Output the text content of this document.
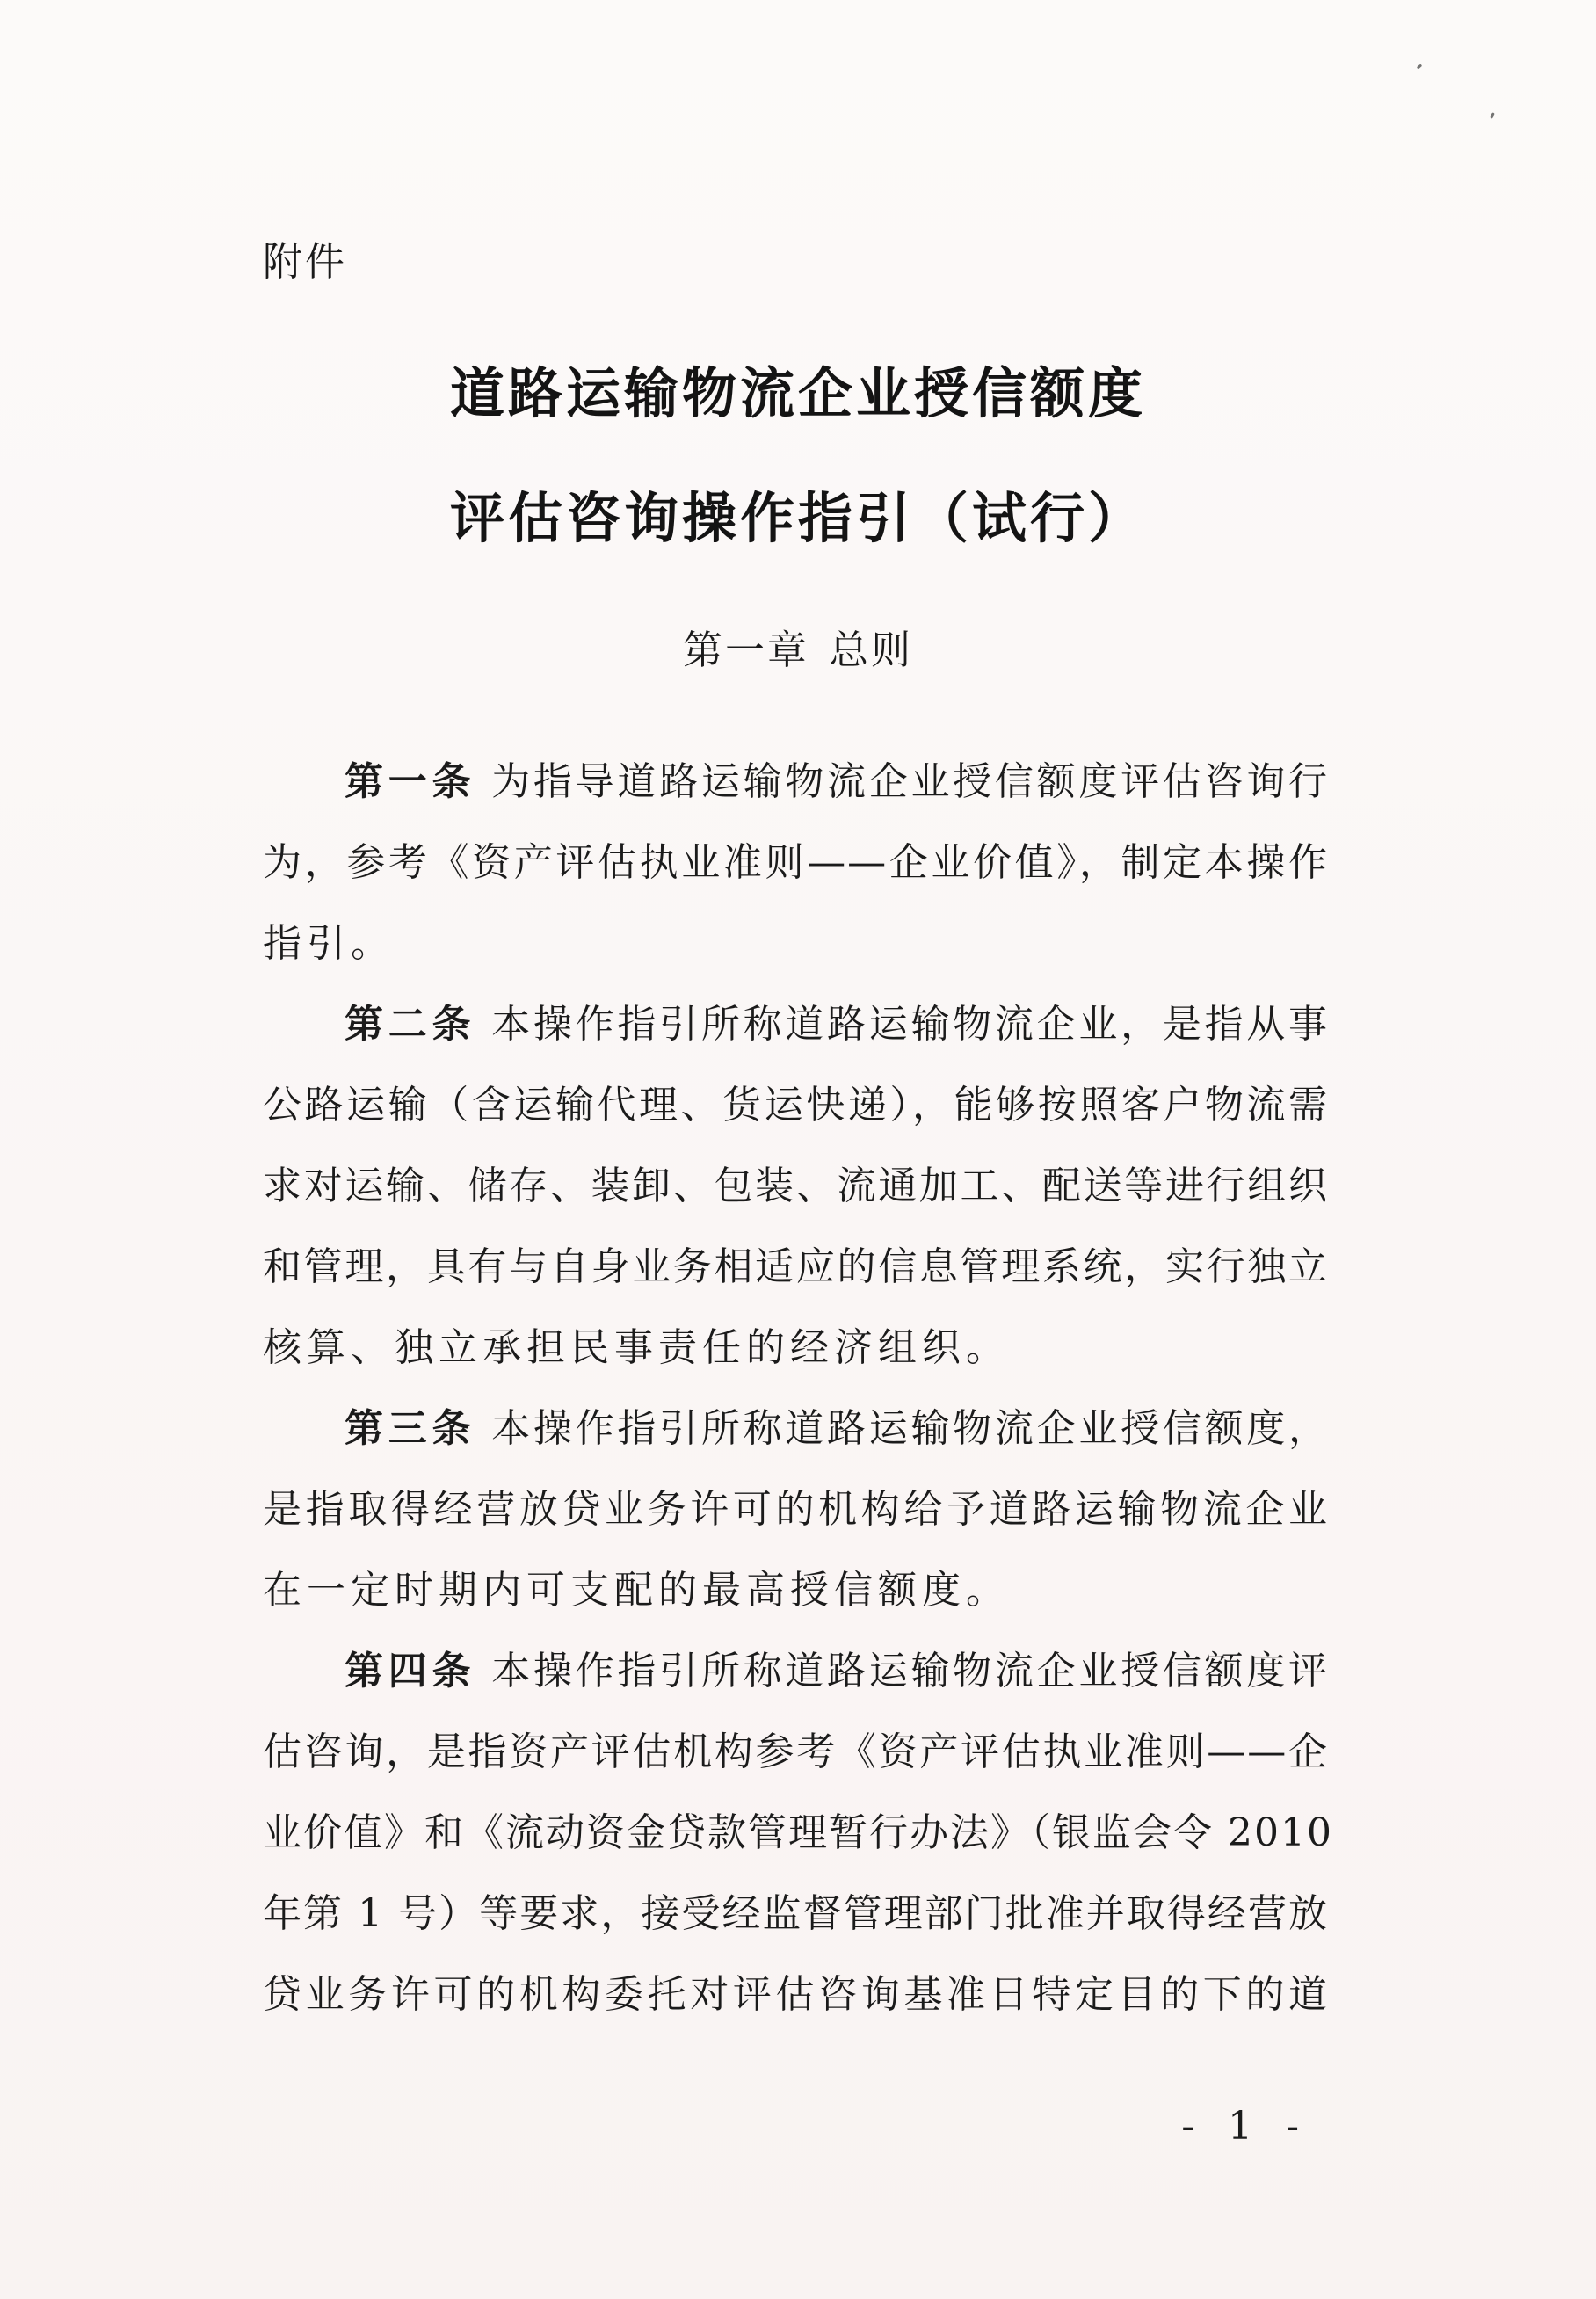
附件
道路运输物流企业授信额度
评估咨询操作指引（试行）
第一章 总则
第一条 为指导道路运输物流企业授信额度评估咨询行
为，参考《资产评估执业准则——企业价值》，制定本操作
指引。
第二条 本操作指引所称道路运输物流企业，是指从事
公路运输（含运输代理、货运快递），能够按照客户物流需
求对运输、储存、装卸、包装、流通加工、配送等进行组织
和管理，具有与自身业务相适应的信息管理系统，实行独立
核算、独立承担民事责任的经济组织。
第三条 本操作指引所称道路运输物流企业授信额度，
是指取得经营放贷业务许可的机构给予道路运输物流企业
在一定时期内可支配的最高授信额度。
第四条 本操作指引所称道路运输物流企业授信额度评
估咨询，是指资产评估机构参考《资产评估执业准则——企
业价值》和《流动资金贷款管理暂行办法》（银监会令 2010
年第 1 号）等要求，接受经监督管理部门批准并取得经营放
贷业务许可的机构委托对评估咨询基准日特定目的下的道
- 1 -
